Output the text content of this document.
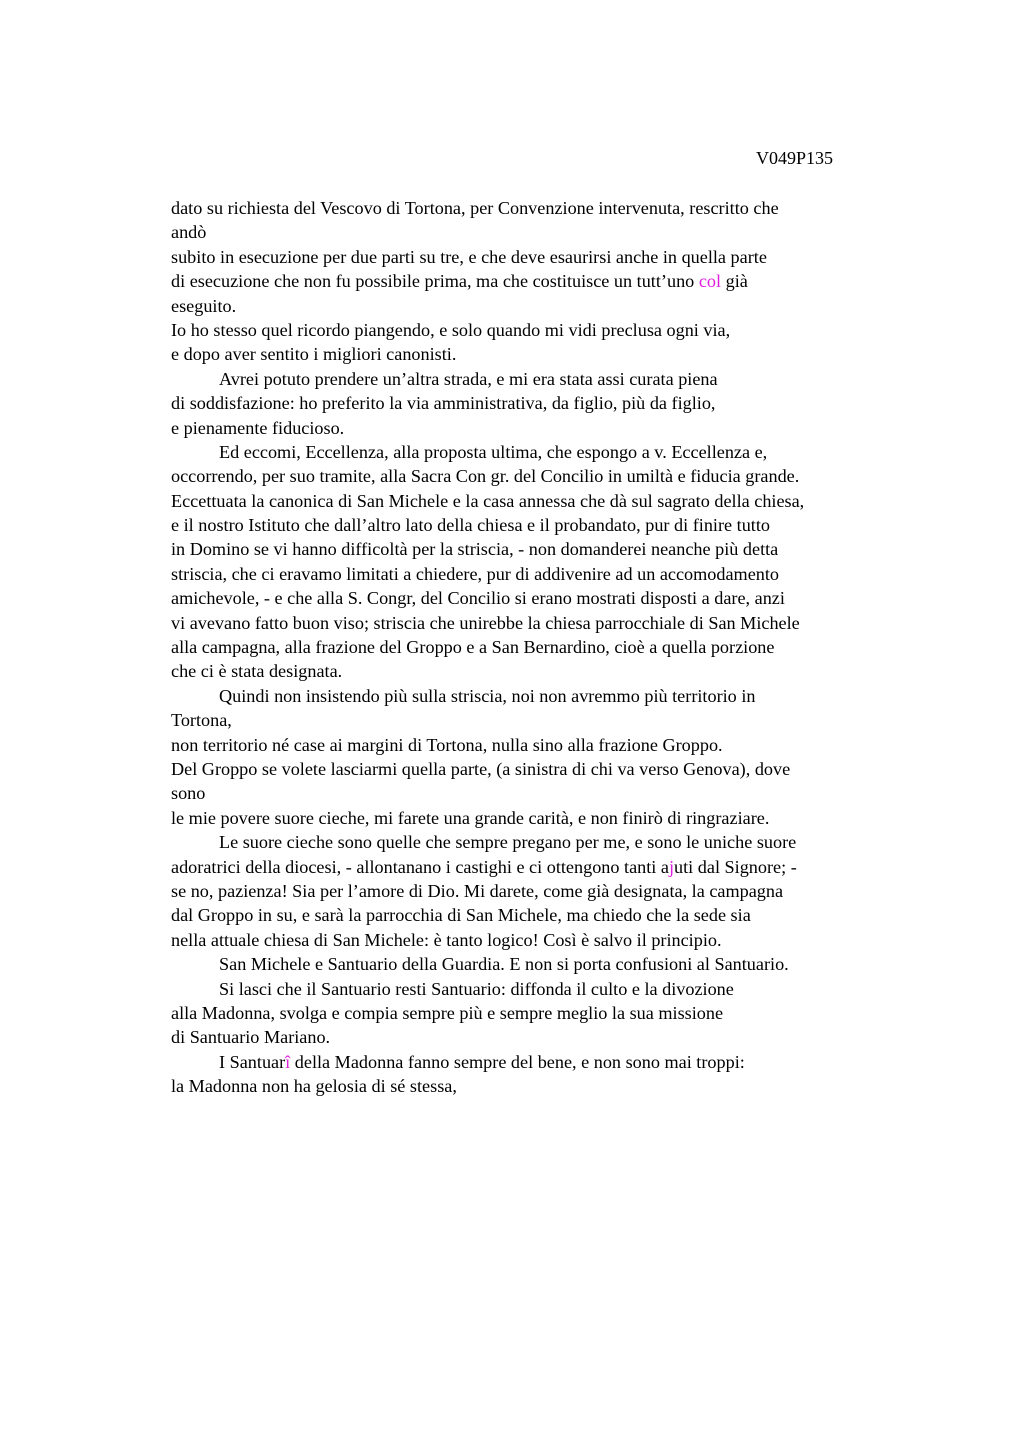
V049P135
dato su richiesta del Vescovo di Tortona, per Convenzione intervenuta, rescritto che
andò
subito in esecuzione per due parti su tre, e che deve esaurirsi anche in quella parte
di esecuzione che non fu possibile prima, ma che costituisce un tutt’uno col già
eseguito.
Io ho stesso quel ricordo piangendo, e solo quando mi vidi preclusa ogni via,
e dopo aver sentito i migliori canonisti.
Avrei potuto prendere un’altra strada, e mi era stata assi curata piena
di soddisfazione: ho preferito la via amministrativa, da figlio, più da figlio,
e pienamente fiducioso.
Ed eccomi, Eccellenza, alla proposta ultima, che espongo a v. Eccellenza e,
occorrendo, per suo tramite, alla Sacra Con gr. del Concilio in umiltà e fiducia grande.
Eccettuata la canonica di San Michele e la casa annessa che dà sul sagrato della chiesa,
e il nostro Istituto che dall’altro lato della chiesa e il probandato, pur di finire tutto
in Domino se vi hanno difficoltà per la striscia, - non domanderei neanche più detta
striscia, che ci eravamo limitati a chiedere, pur di addivenire ad un accomodamento
amichevole, - e che alla S. Congr, del Concilio si erano mostrati disposti a dare, anzi
vi avevano fatto buon viso; striscia che unirebbe la chiesa parrocchiale di San Michele
alla campagna, alla frazione del Groppo e a San Bernardino, cioè a quella porzione
che ci è stata designata.
Quindi non insistendo più sulla striscia, noi non avremmo più territorio in
Tortona,
non territorio né case ai margini di Tortona, nulla sino alla frazione Groppo.
Del Groppo se volete lasciarmi quella parte, (a sinistra di chi va verso Genova), dove
sono
le mie povere suore cieche, mi farete una grande carità, e non finirò di ringraziare.
Le suore cieche sono quelle che sempre pregano per me, e sono le uniche suore
adoratrici della diocesi, - allontanano i castighi e ci ottengono tanti ajuti dal Signore; -
se no, pazienza! Sia per l’amore di Dio. Mi darete, come già designata, la campagna
dal Groppo in su, e sarà la parrocchia di San Michele, ma chiedo che la sede sia
nella attuale chiesa di San Michele: è tanto logico! Così è salvo il principio.
San Michele e Santuario della Guardia. E non si porta confusioni al Santuario.
Si lasci che il Santuario resti Santuario: diffonda il culto e la divozione
alla Madonna, svolga e compia sempre più e sempre meglio la sua missione
di Santuario Mariano.
I Santuarî della Madonna fanno sempre del bene, e non sono mai troppi:
la Madonna non ha gelosia di sé stessa,
